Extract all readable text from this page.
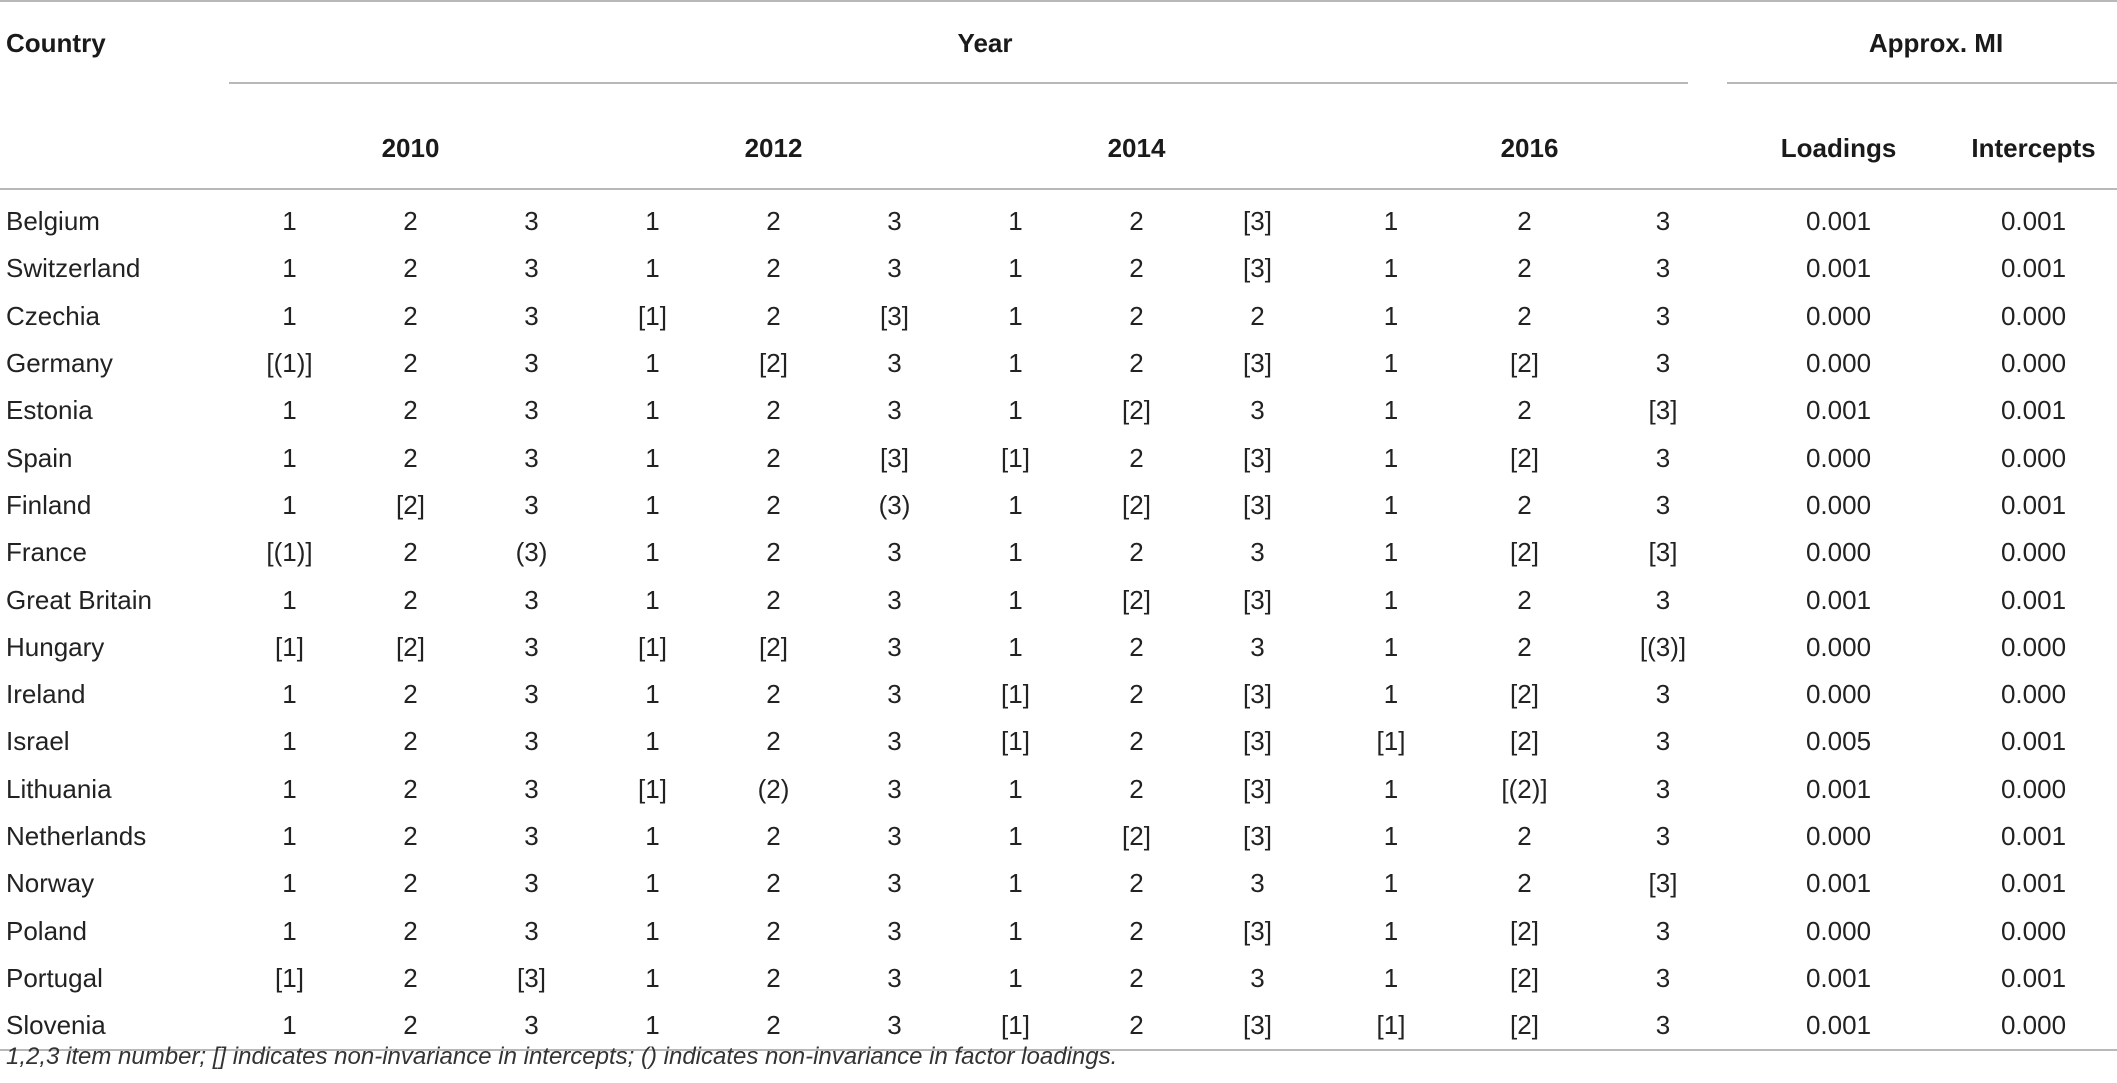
Country	Year												Approx. MI	
	2010			2012			2014			2016			Loadings	Intercepts
Belgium	1	2	3	1	2	3	1	2	[3]	1	2	3	0.001	0.001
Switzerland	1	2	3	1	2	3	1	2	[3]	1	2	3	0.001	0.001
Czechia	1	2	3	[1]	2	[3]	1	2	2	1	2	3	0.000	0.000
Germany	[(1)]	2	3	1	[2]	3	1	2	[3]	1	[2]	3	0.000	0.000
Estonia	1	2	3	1	2	3	1	[2]	3	1	2	[3]	0.001	0.001
Spain	1	2	3	1	2	[3]	[1]	2	[3]	1	[2]	3	0.000	0.000
Finland	1	[2]	3	1	2	(3)	1	[2]	[3]	1	2	3	0.000	0.001
France	[(1)]	2	(3)	1	2	3	1	2	3	1	[2]	[3]	0.000	0.000
Great Britain	1	2	3	1	2	3	1	[2]	[3]	1	2	3	0.001	0.001
Hungary	[1]	[2]	3	[1]	[2]	3	1	2	3	1	2	[(3)]	0.000	0.000
Ireland	1	2	3	1	2	3	[1]	2	[3]	1	[2]	3	0.000	0.000
Israel	1	2	3	1	2	3	[1]	2	[3]	[1]	[2]	3	0.005	0.001
Lithuania	1	2	3	[1]	(2)	3	1	2	[3]	1	[(2)]	3	0.001	0.000
Netherlands	1	2	3	1	2	3	1	[2]	[3]	1	2	3	0.000	0.001
Norway	1	2	3	1	2	3	1	2	3	1	2	[3]	0.001	0.001
Poland	1	2	3	1	2	3	1	2	[3]	1	[2]	3	0.000	0.000
Portugal	[1]	2	[3]	1	2	3	1	2	3	1	[2]	3	0.001	0.001
Slovenia	1	2	3	1	2	3	[1]	2	[3]	[1]	[2]	3	0.001	0.000
1,2,3 item number; [] indicates non-invariance in intercepts; () indicates non-invariance in factor loadings.
